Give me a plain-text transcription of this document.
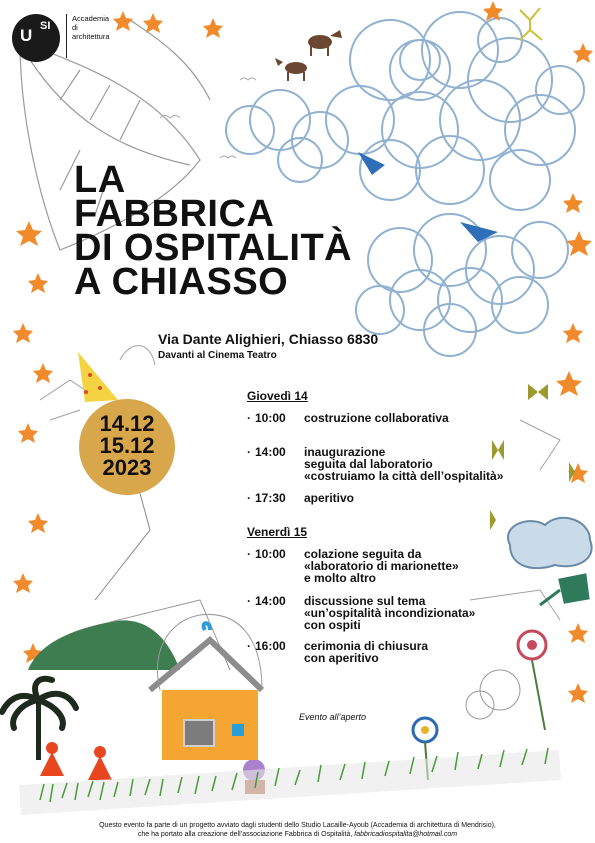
U SI
Accademia
di
architettura
LA
FABBRICA
DI OSPITALITÀ
A CHIASSO
Via Dante Alighieri, Chiasso 6830
Davanti al Cinema Teatro
14.12
15.12
2023
Giovedì 14
· 10:00 costruzione collaborativa
· 14:00 inaugurazione
seguita dal laboratorio
«costruiamo la città dell’ospitalità»
· 17:30 aperitivo
Venerdì 15
· 10:00 colazione seguita da
«laboratorio di marionette»
e molto altro
· 14:00 discussione sul tema
«un’ospitalità incondizionata»
con ospiti
· 16:00 cerimonia di chiusura
con aperitivo
Evento all’aperto
Questo evento fa parte di un progetto avviato dagli studenti dello Studio Lacaille-Ayoub (Accademia di architettura di Mendrisio),
che ha portato alla creazione dell’associazione Fabbrica di Ospitalità, fabbricadiospitalita@hotmail.com
